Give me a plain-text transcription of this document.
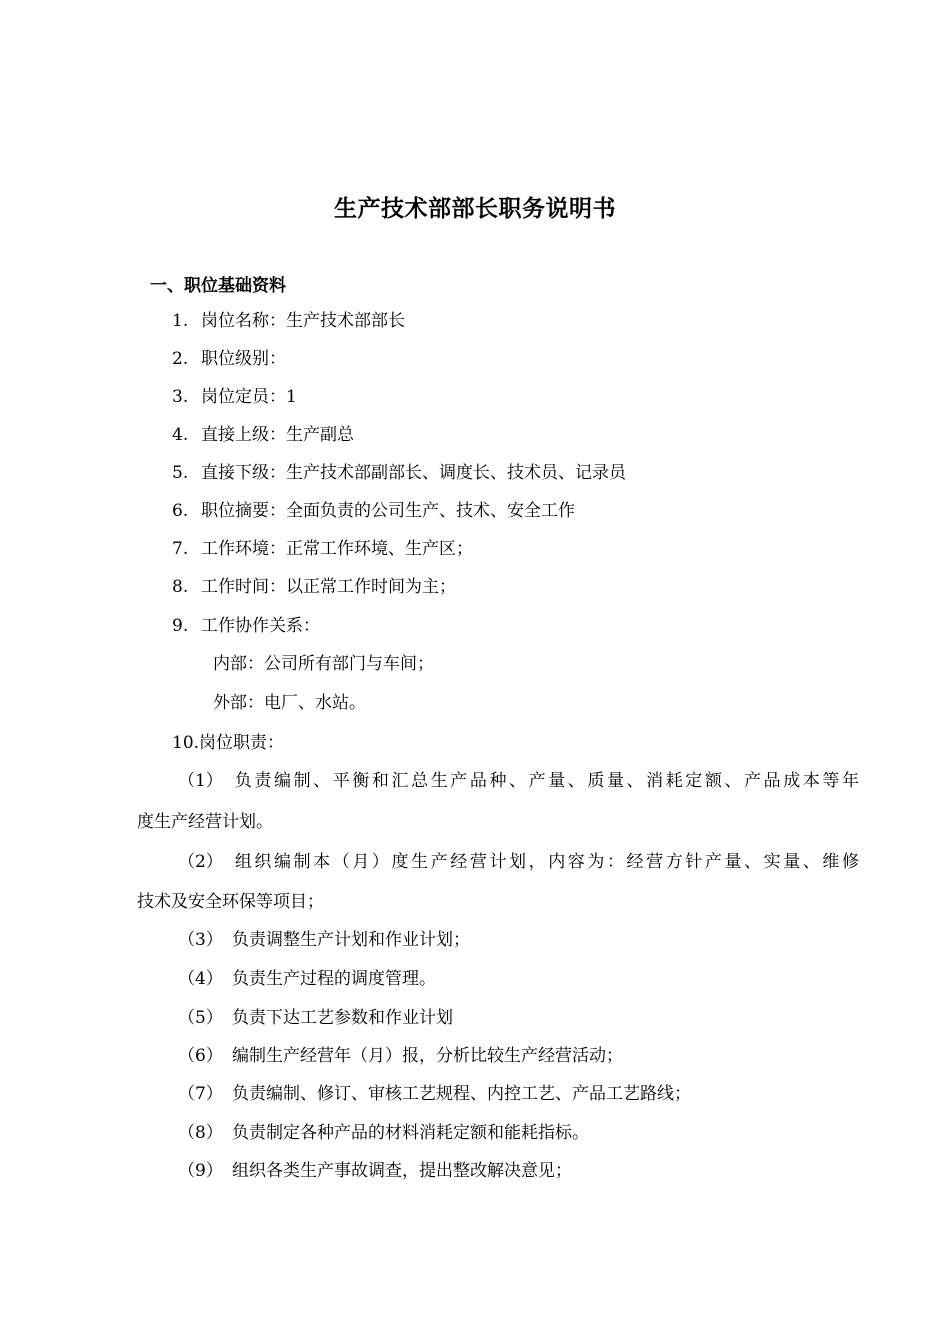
生产技术部部长职务说明书
一、职位基础资料
1. 岗位名称：生产技术部部长
2. 职位级别：
3. 岗位定员：1
4. 直接上级：生产副总
5. 直接下级：生产技术部副部长、调度长、技术员、记录员
6. 职位摘要：全面负责的公司生产、技术、安全工作
7. 工作环境：正常工作环境、生产区；
8. 工作时间：以正常工作时间为主；
9. 工作协作关系：
内部：公司所有部门与车间；
外部：电厂、水站。
10.岗位职责：
（1） 负责编制、平衡和汇总生产品种、产量、质量、消耗定额、产品成本等年
度生产经营计划。
（2） 组织编制本（月）度生产经营计划，内容为：经营方针产量、实量、维修
技术及安全环保等项目；
（3） 负责调整生产计划和作业计划；
（4） 负责生产过程的调度管理。
（5） 负责下达工艺参数和作业计划
（6） 编制生产经营年（月）报，分析比较生产经营活动；
（7） 负责编制、修订、审核工艺规程、内控工艺、产品工艺路线；
（8） 负责制定各种产品的材料消耗定额和能耗指标。
（9） 组织各类生产事故调查，提出整改解决意见；
